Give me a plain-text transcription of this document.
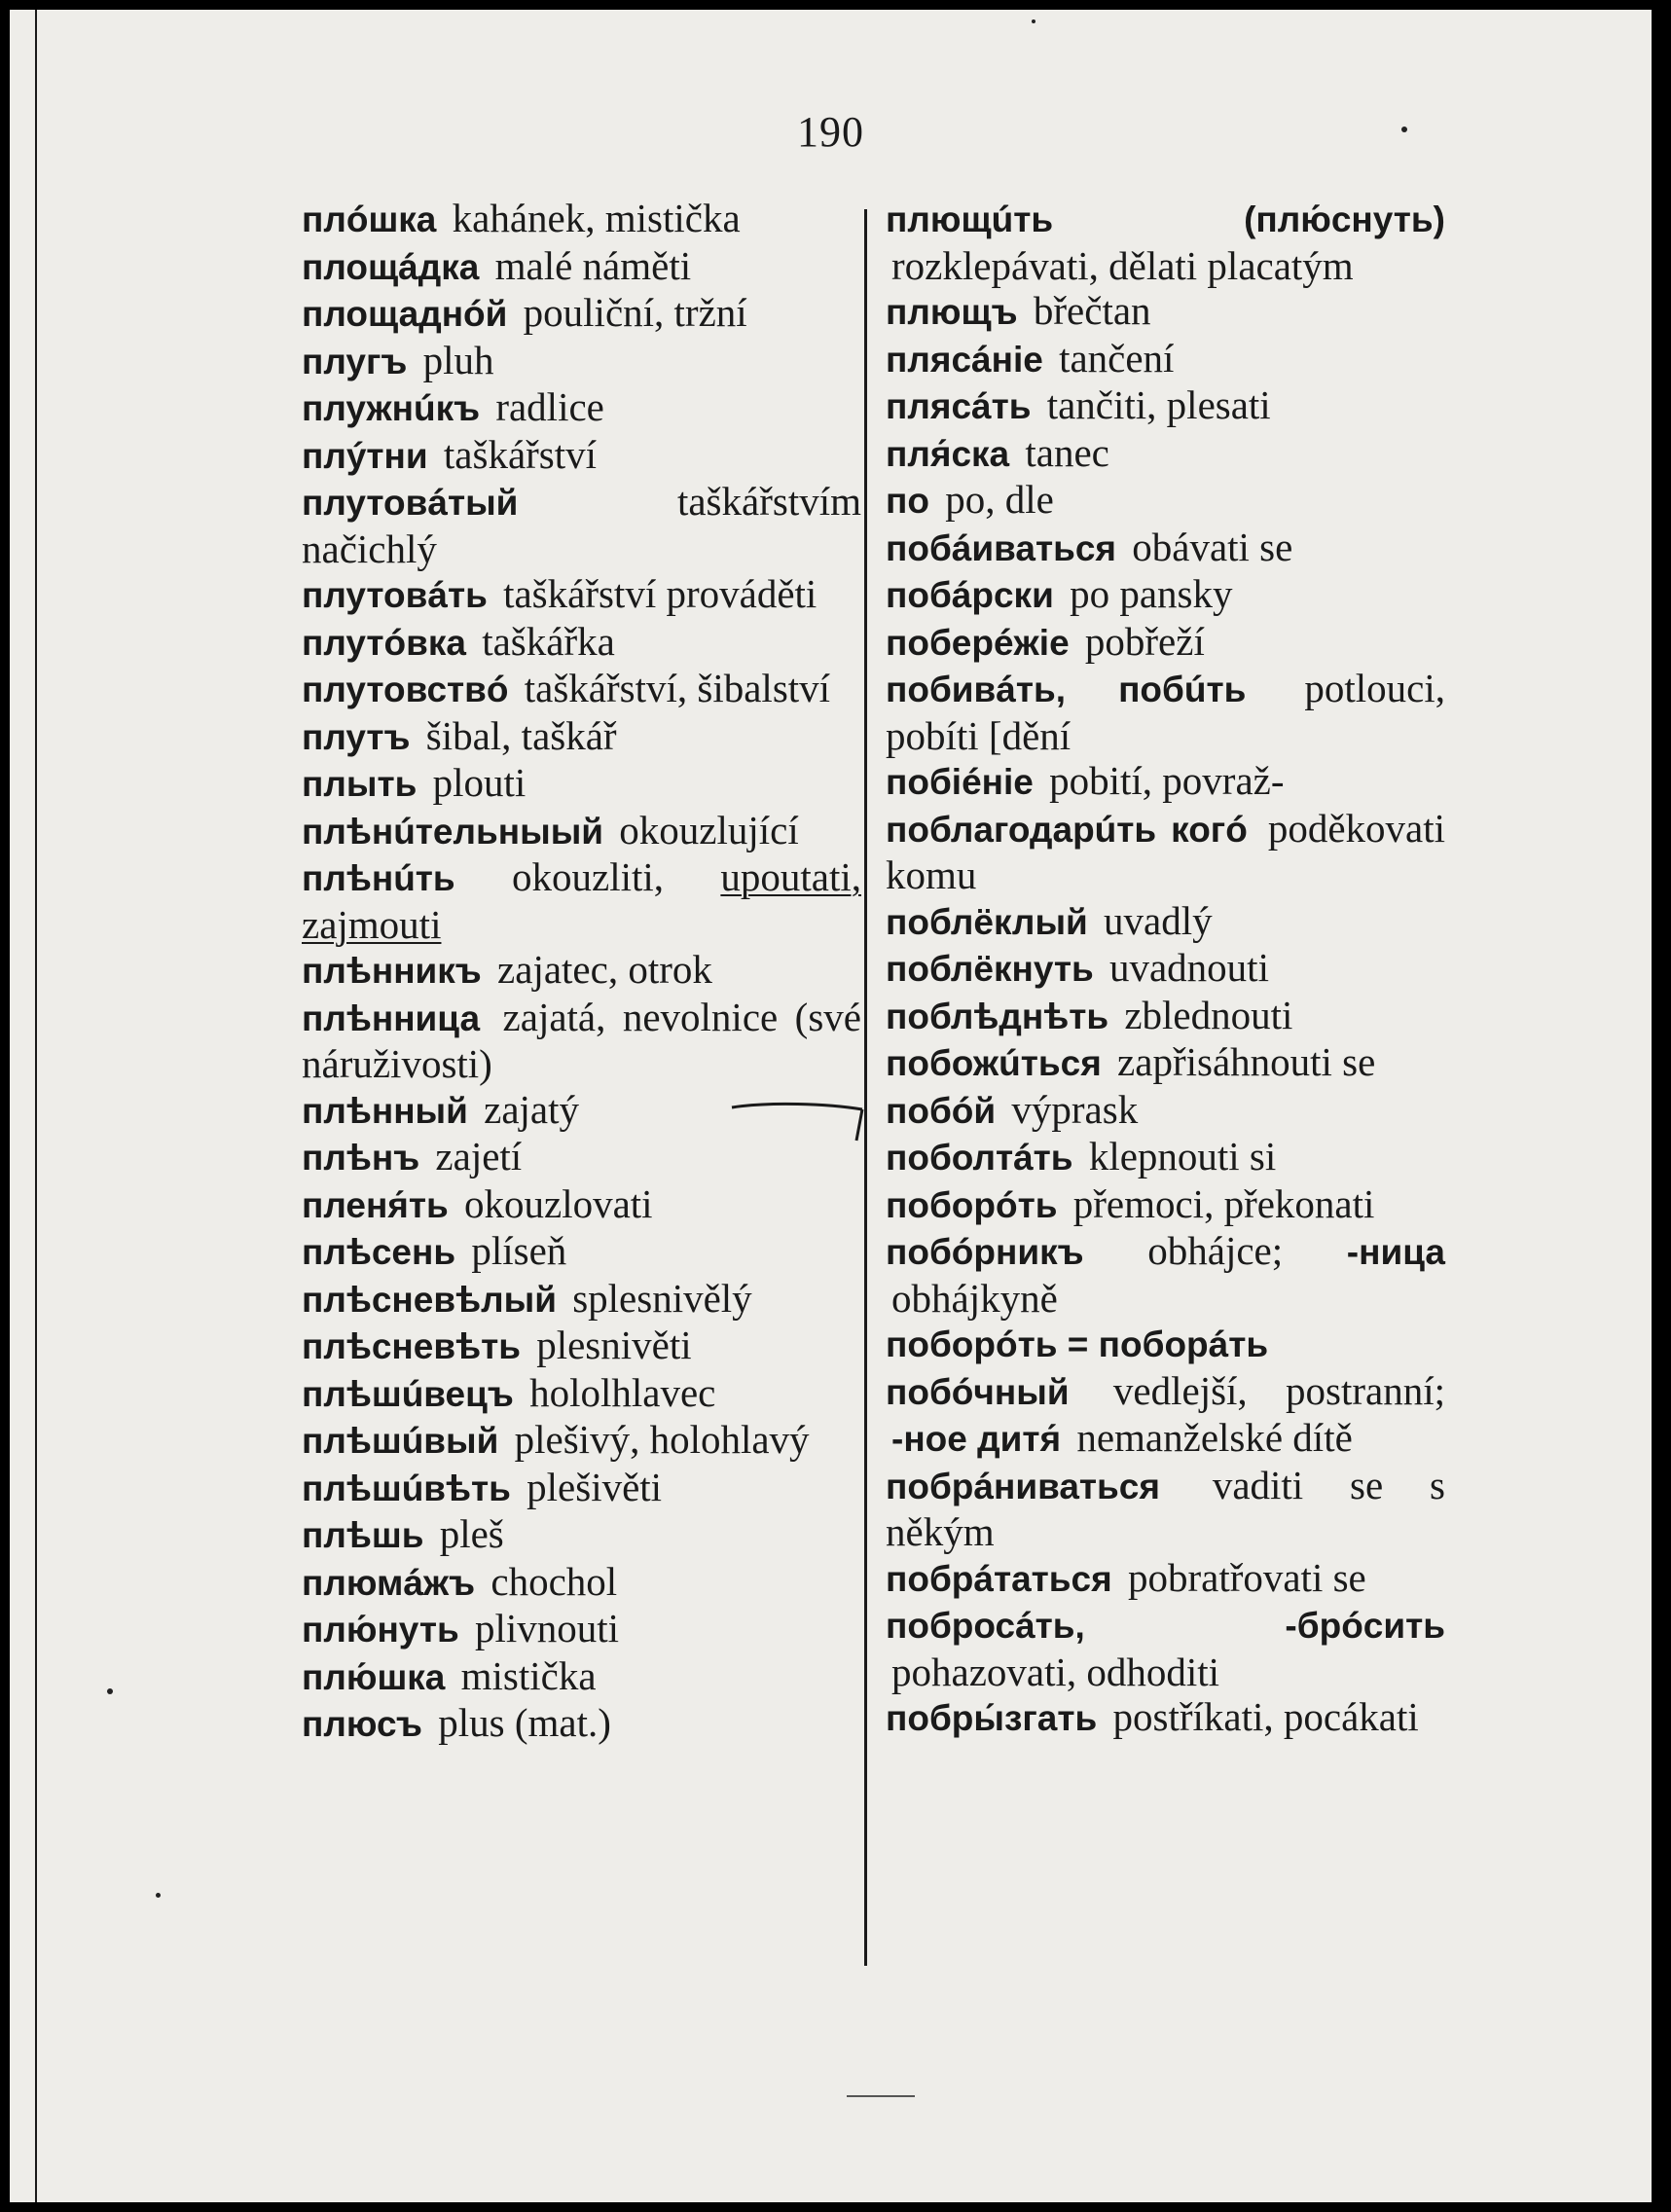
190
плóшка kahánek, mistička
площáдка malé náměti
площаднóй pouliční, tržní
плугъ pluh
плужнúкъ radlice
плýтни taškářství
плутовáтый	taškářstvím načichlý
плутовáть taškářství prováděti
плутóвка taškářka
плутовствó taškářství, šibalství
плутъ šibal, taškář
плыть plouti
плѣнúтельныый okouzlující
плѣнúть okouzliti, upoutati, zajmouti
плѣнникъ zajatec, otrok
плѣнница zajatá, nevolnice (své náruživosti)
плѣнный zajatý
плѣнъ zajetí
пленя́ть okouzlovati
плѣсень plíseň
плѣсневѣлый splesnivělý
плѣсневѣть plesnivěti
плѣшúвецъ hololhlavec
плѣшúвый plešivý, holohlavý
плѣшúвѣть plešivěti
плѣшь pleš
плюмáжъ chochol
плю́нуть plivnouti
плю́шка mistička
плюсъ plus (mat.)
плющúть (плю́снуть) rozklepávati, dělati placatým
плющъ břečtan
пляcáнiе tančení
плясáть tančiti, plesati
пля́ска tanec
по po, dle
побáиваться obávati se
побáрски po pansky
поберéжiе pobřeží
побивáть, побúть potlouci, pobíti [dění
побiéнiе pobití, povraž-
поблагодарúть когó poděkovati komu
поблёклый uvadlý
поблёкнуть uvadnouti
поблѣднѣть zblednouti
побожúться zapřisáhnouti se
побóй výprask
поболтáть klepnouti si
поборóть přemoci, překonati
побóрникъ obhájce; -ница obhájkyně
поборóть = поборáть
побóчный vedlejší, postranní; -ное дитя́ nemanželské dítě
побрáниваться vaditi se s někým
побрáтаться pobratřovati se
побросáть, -брóсить pohazovati, odhoditi
побры́згать postříkati, pocákati
